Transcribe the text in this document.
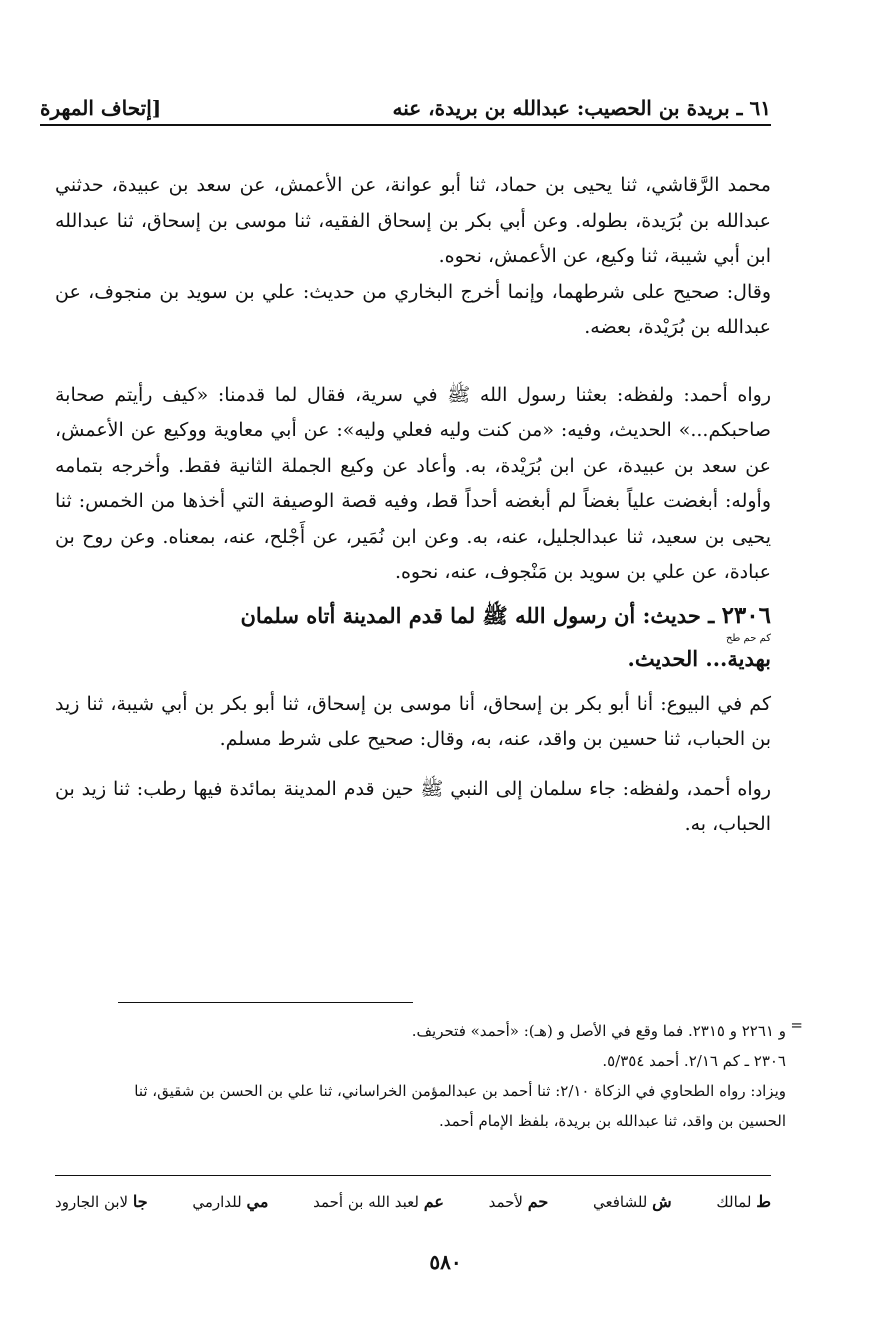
٦١ ـ بريدة بن الحصيب: عبدالله بن بريدة، عنه
[إتحاف المهرة

محمد الرَّقاشي، ثنا يحيى بن حماد، ثنا أبو عوانة، عن الأعمش، عن سعد بن عبيدة، حدثني عبدالله بن بُرَيدة، بطوله. وعن أبي بكر بن إسحاق الفقيه، ثنا موسى بن إسحاق، ثنا عبدالله ابن أبي شيبة، ثنا وكيع، عن الأعمش، نحوه.
وقال: صحيح على شرطهما، وإنما أخرج البخاري من حديث: علي بن سويد بن منجوف، عن عبدالله بن بُرَيْدة، بعضه.

رواه أحمد: ولفظه: بعثنا رسول الله ﷺ في سرية، فقال لما قدمنا: «كيف رأيتم صحابة صاحبكم...» الحديث، وفيه: «من كنت وليه فعلي وليه»: عن أبي معاوية ووكيع عن الأعمش، عن سعد بن عبيدة، عن ابن بُرَيْدة، به. وأعاد عن وكيع الجملة الثانية فقط. وأخرجه بتمامه وأوله: أبغضت علياً بغضاً لم أبغضه أحداً قط، وفيه قصة الوصيفة التي أخذها من الخمس: ثنا يحيى بن سعيد، ثنا عبدالجليل، عنه، به. وعن ابن نُمَير، عن أَجْلح، عنه، بمعناه. وعن روح بن عبادة، عن علي بن سويد بن مَنْجوف، عنه، نحوه.

٢٣٠٦ ـ حديث: أن رسول الله ﷺ لما قدم المدينة أتاه سلمان

كم حم طح

بهدية... الحديث.

كم في البيوع: أنا أبو بكر بن إسحاق، أنا موسى بن إسحاق، ثنا أبو بكر بن أبي شيبة، ثنا زيد بن الحباب، ثنا حسين بن واقد، عنه، به، وقال: صحيح على شرط مسلم.

رواه أحمد، ولفظه: جاء سلمان إلى النبي ﷺ حين قدم المدينة بمائدة فيها رطب: ثنا زيد بن الحباب، به.

=

و ٢٢٦١ و ٢٣١٥. فما وقع في الأصل و (هـ): «أحمد» فتحريف.

٢٣٠٦ ـ كم ٢/١٦. أحمد ٥/٣٥٤.

ويزاد: رواه الطحاوي في الزكاة ٢/١٠: ثنا أحمد بن عبدالمؤمن الخراساني، ثنا علي بن الحسن بن شقيق، ثنا الحسين بن واقد، ثنا عبدالله بن بريدة، بلفظ الإمام أحمد.

ط لمالك
ش للشافعي
حم لأحمد
عم لعبد الله بن أحمد
مي للدارمي
جا لابن الجارود
٥٨٠
